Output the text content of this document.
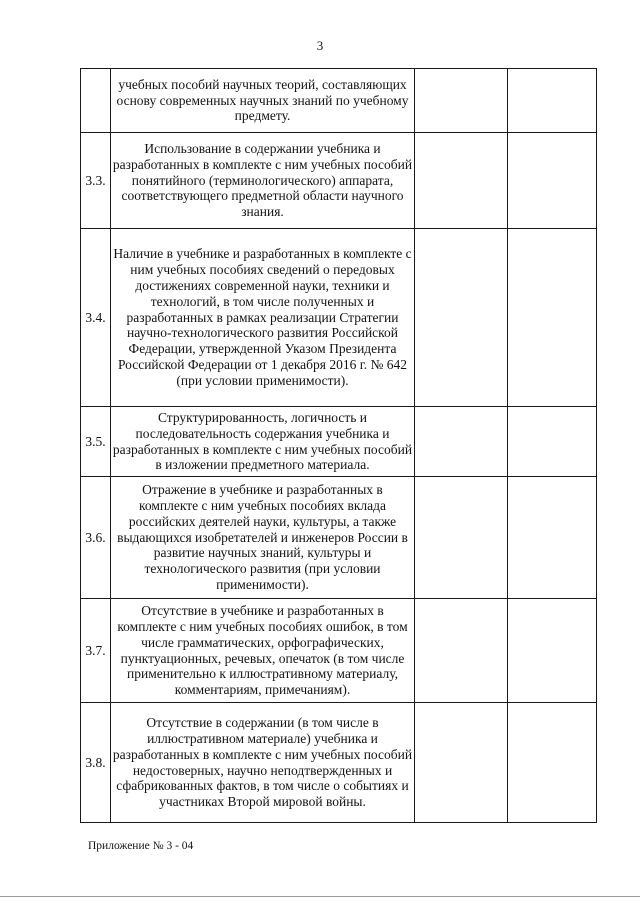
3
	учебных пособий научных теорий, составляющих основу современных научных знаний по учебному предмету.		
3.3.	Использование в содержании учебника и разработанных в комплекте с ним учебных пособий понятийного (терминологического) аппарата, соответствующего предметной области научного знания.		
3.4.	Наличие в учебнике и разработанных в комплекте с ним учебных пособиях сведений о передовых достижениях современной науки, техники и технологий, в том числе полученных и разработанных в рамках реализации Стратегии научно-технологического развития Российской Федерации, утвержденной Указом Президента Российской Федерации от 1 декабря 2016 г. № 642 (при условии применимости).		
3.5.	Структурированность, логичность и последовательность содержания учебника и разработанных в комплекте с ним учебных пособий в изложении предметного материала.		
3.6.	Отражение в учебнике и разработанных в комплекте с ним учебных пособиях вклада российских деятелей науки, культуры, а также выдающихся изобретателей и инженеров России в развитие научных знаний, культуры и технологического развития (при условии применимости).		
3.7.	Отсутствие в учебнике и разработанных в комплекте с ним учебных пособиях ошибок, в том числе грамматических, орфографических, пунктуационных, речевых, опечаток (в том числе применительно к иллюстративному материалу, комментариям, примечаниям).		
3.8.	Отсутствие в содержании (в том числе в иллюстративном материале) учебника и разработанных в комплекте с ним учебных пособий недостоверных, научно неподтвержденных и сфабрикованных фактов, в том числе о событиях и участниках Второй мировой войны.		
Приложение № 3 - 04
